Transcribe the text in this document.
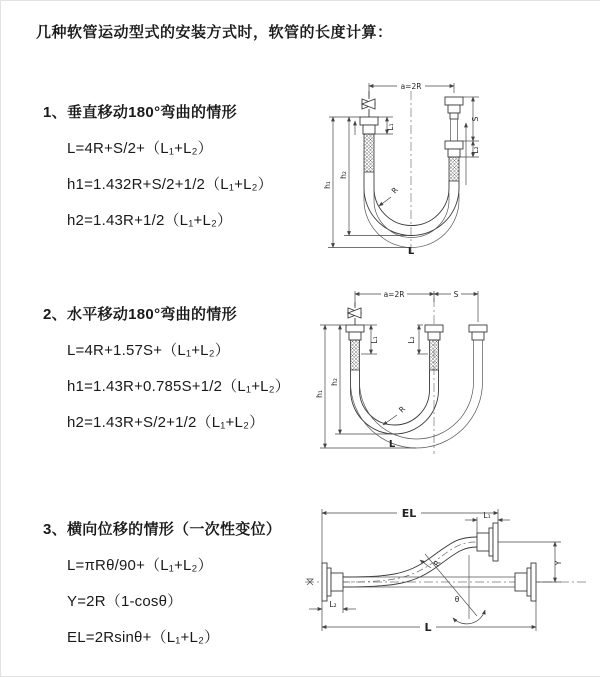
几种软管运动型式的安装方式时，软管的长度计算：
1、垂直移动180°弯曲的情形
L=4R+S/2+（L₁+L₂）
h1=1.432R+S/2+1/2（L₁+L₂）
h2=1.43R+1/2（L₁+L₂）
2、水平移动180°弯曲的情形
L=4R+1.57S+（L₁+L₂）
h1=1.43R+0.785S+1/2（L₁+L₂）
h2=1.43R+S/2+1/2（L₁+L₂）
3、横向位移的情形（一次性变位）
L=πRθ/90+（L₁+L₂）
Y=2R（1-cosθ）
EL=2Rsinθ+（L₁+L₂）
a=2R
R
h₂
h₁
L₁
S
L₂
L
a=2R	S
R
h₂
h₁
L₁	L₂
L
EL	L₁
Y
θ
R
L₂
L
